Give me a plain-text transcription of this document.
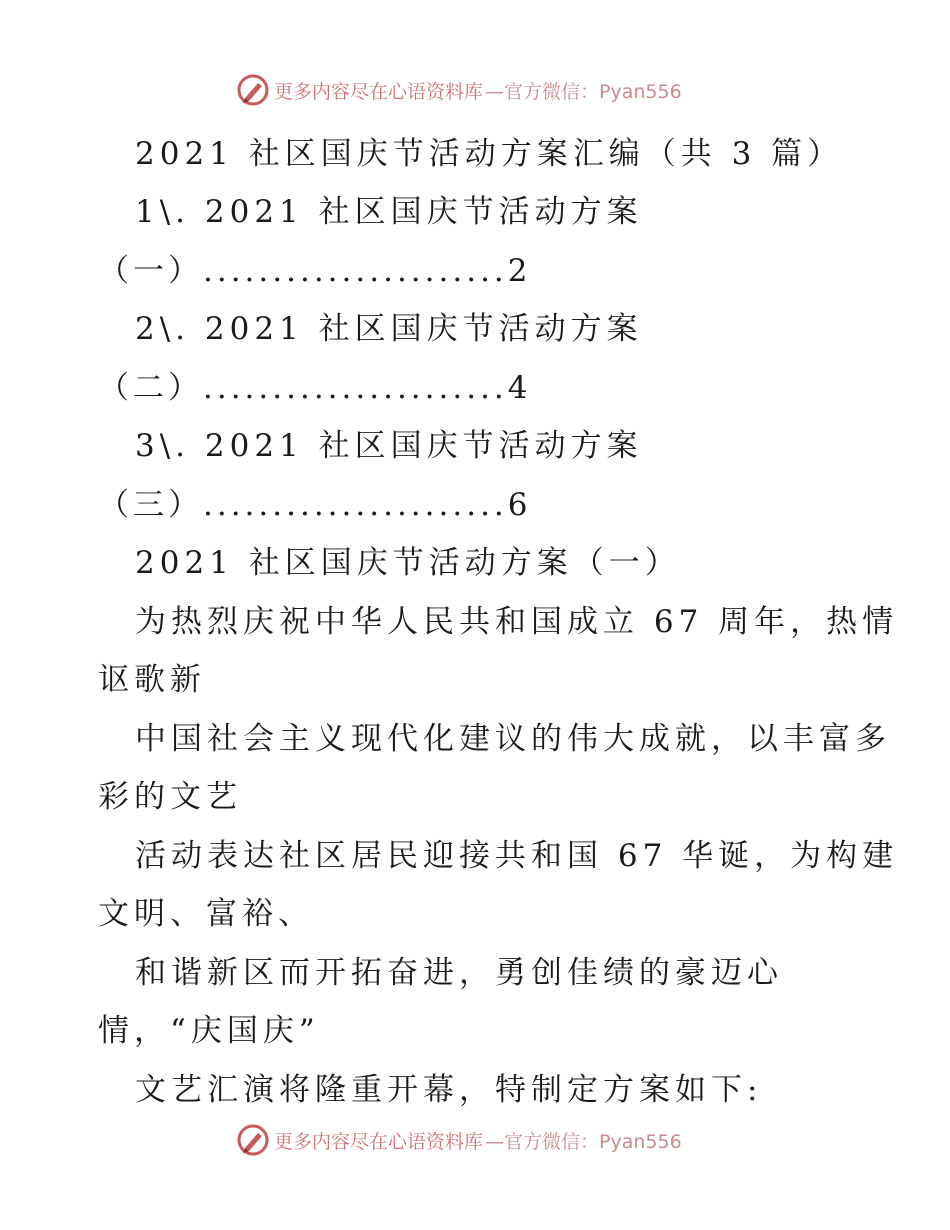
更多内容尽在心语资料库 —官方微信：Pyan556
2021 社区国庆节活动方案汇编（共 3 篇）
1\. 2021 社区国庆节活动方案
（一）......................2
2\. 2021 社区国庆节活动方案
（二）......................4
3\. 2021 社区国庆节活动方案
（三）......................6
2021 社区国庆节活动方案（一）
为热烈庆祝中华人民共和国成立 67 周年，热情
讴歌新
中国社会主义现代化建议的伟大成就，以丰富多
彩的文艺
活动表达社区居民迎接共和国 67 华诞，为构建
文明、富裕、
和谐新区而开拓奋进，勇创佳绩的豪迈心
情，“庆国庆”
文艺汇演将隆重开幕，特制定方案如下:
更多内容尽在心语资料库 —官方微信：Pyan556
